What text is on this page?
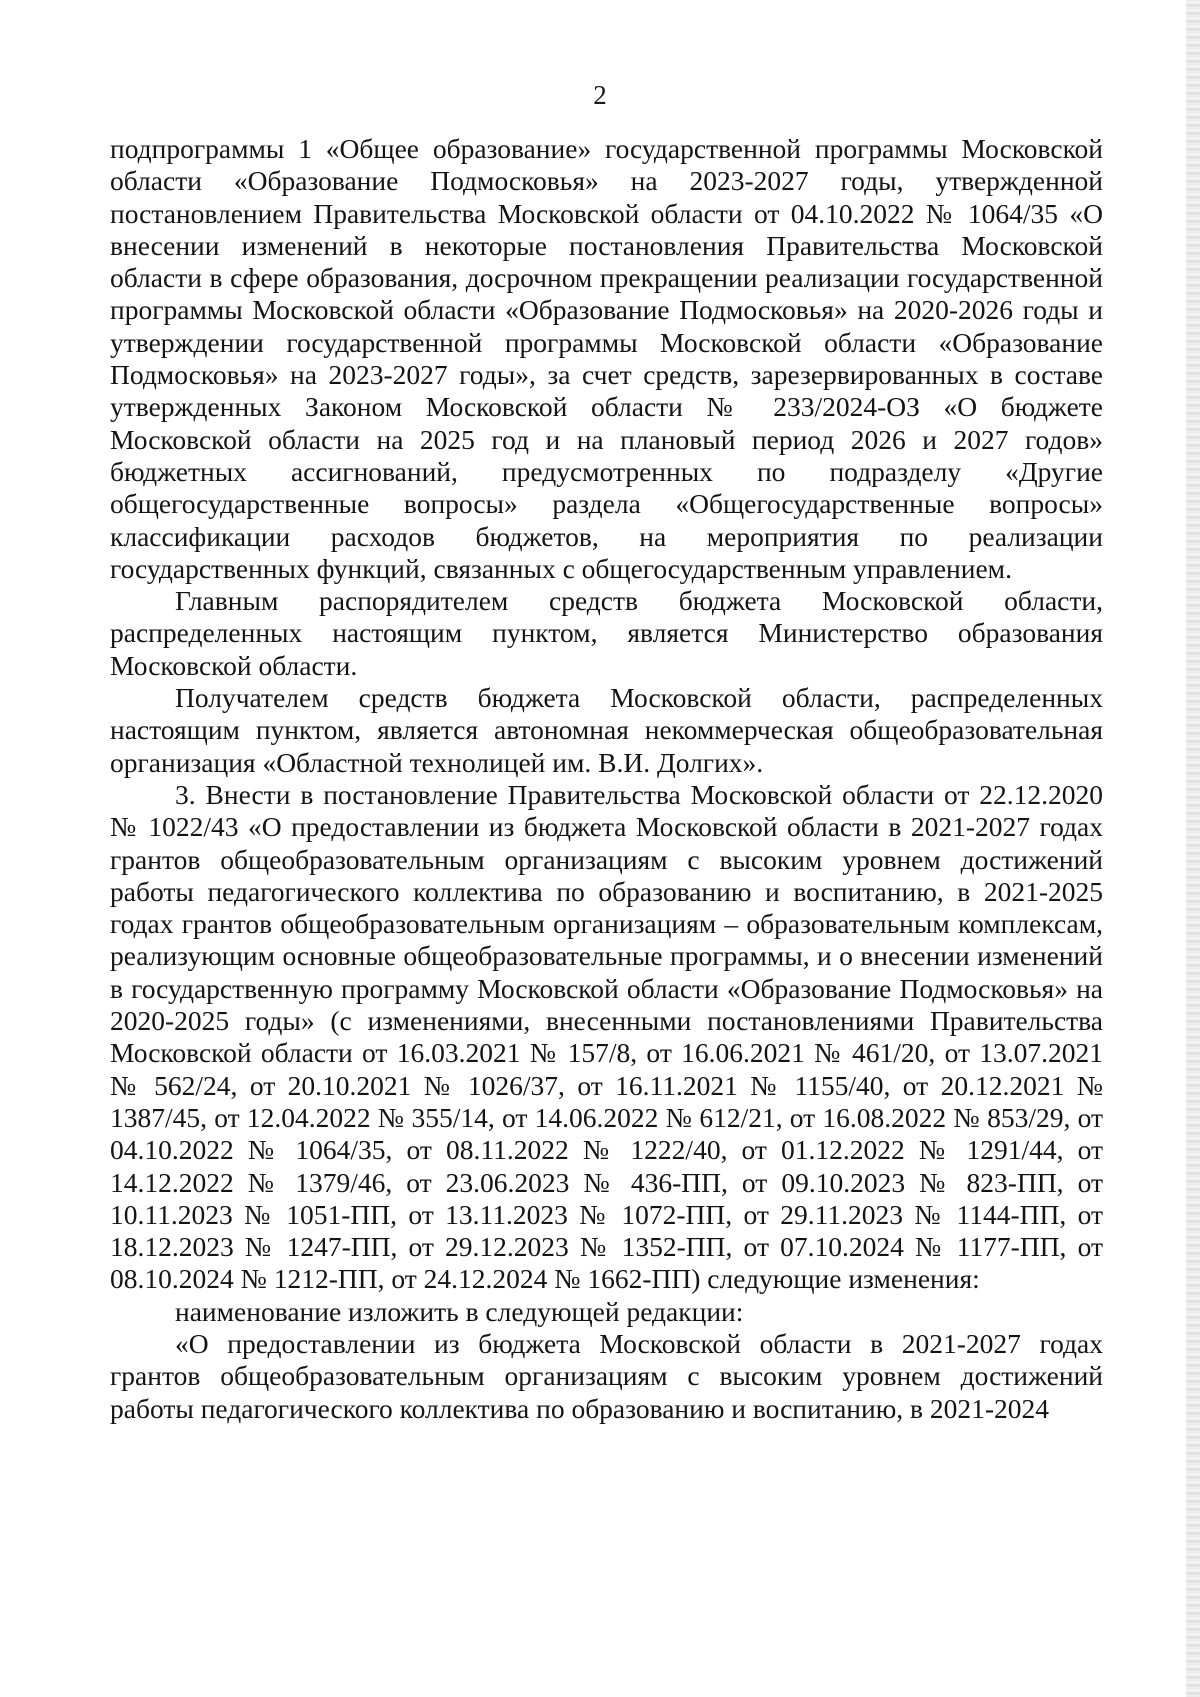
2

подпрограммы 1 «Общее образование» государственной программы Московской области «Образование Подмосковья» на 2023-2027 годы, утвержденной постановлением Правительства Московской области от 04.10.2022 № 1064/35 «О внесении изменений в некоторые постановления Правительства Московской области в сфере образования, досрочном прекращении реализации государственной программы Московской области «Образование Подмосковья» на 2020-2026 годы и утверждении государственной программы Московской области «Образование Подмосковья» на 2023-2027 годы», за счет средств, зарезервированных в составе утвержденных Законом Московской области № 233/2024-ОЗ «О бюджете Московской области на 2025 год и на плановый период 2026 и 2027 годов» бюджетных ассигнований, предусмотренных по подразделу «Другие общегосударственные вопросы» раздела «Общегосударственные вопросы» классификации расходов бюджетов, на мероприятия по реализации государственных функций, связанных с общегосударственным управлением.

Главным распорядителем средств бюджета Московской области, распределенных настоящим пунктом, является Министерство образования Московской области.

Получателем средств бюджета Московской области, распределенных настоящим пунктом, является автономная некоммерческая общеобразовательная организация «Областной технолицей им. В.И. Долгих».

3. Внести в постановление Правительства Московской области от 22.12.2020 № 1022/43 «О предоставлении из бюджета Московской области в 2021-2027 годах грантов общеобразовательным организациям с высоким уровнем достижений работы педагогического коллектива по образованию и воспитанию, в 2021-2025 годах грантов общеобразовательным организациям – образовательным комплексам, реализующим основные общеобразовательные программы, и о внесении изменений в государственную программу Московской области «Образование Подмосковья» на 2020-2025 годы» (с изменениями, внесенными постановлениями Правительства Московской области от 16.03.2021 № 157/8, от 16.06.2021 № 461/20, от 13.07.2021 № 562/24, от 20.10.2021 № 1026/37, от 16.11.2021 № 1155/40, от 20.12.2021 № 1387/45, от 12.04.2022 № 355/14, от 14.06.2022 № 612/21, от 16.08.2022 № 853/29, от 04.10.2022 № 1064/35, от 08.11.2022 № 1222/40, от 01.12.2022 № 1291/44, от 14.12.2022 № 1379/46, от 23.06.2023 № 436-ПП, от 09.10.2023 № 823-ПП, от 10.11.2023 № 1051-ПП, от 13.11.2023 № 1072-ПП, от 29.11.2023 № 1144-ПП, от 18.12.2023 № 1247-ПП, от 29.12.2023 № 1352-ПП, от 07.10.2024 № 1177-ПП, от 08.10.2024 № 1212-ПП, от 24.12.2024 № 1662-ПП) следующие изменения:

наименование изложить в следующей редакции:

«О предоставлении из бюджета Московской области в 2021-2027 годах грантов общеобразовательным организациям с высоким уровнем достижений работы педагогического коллектива по образованию и воспитанию, в 2021-2024
